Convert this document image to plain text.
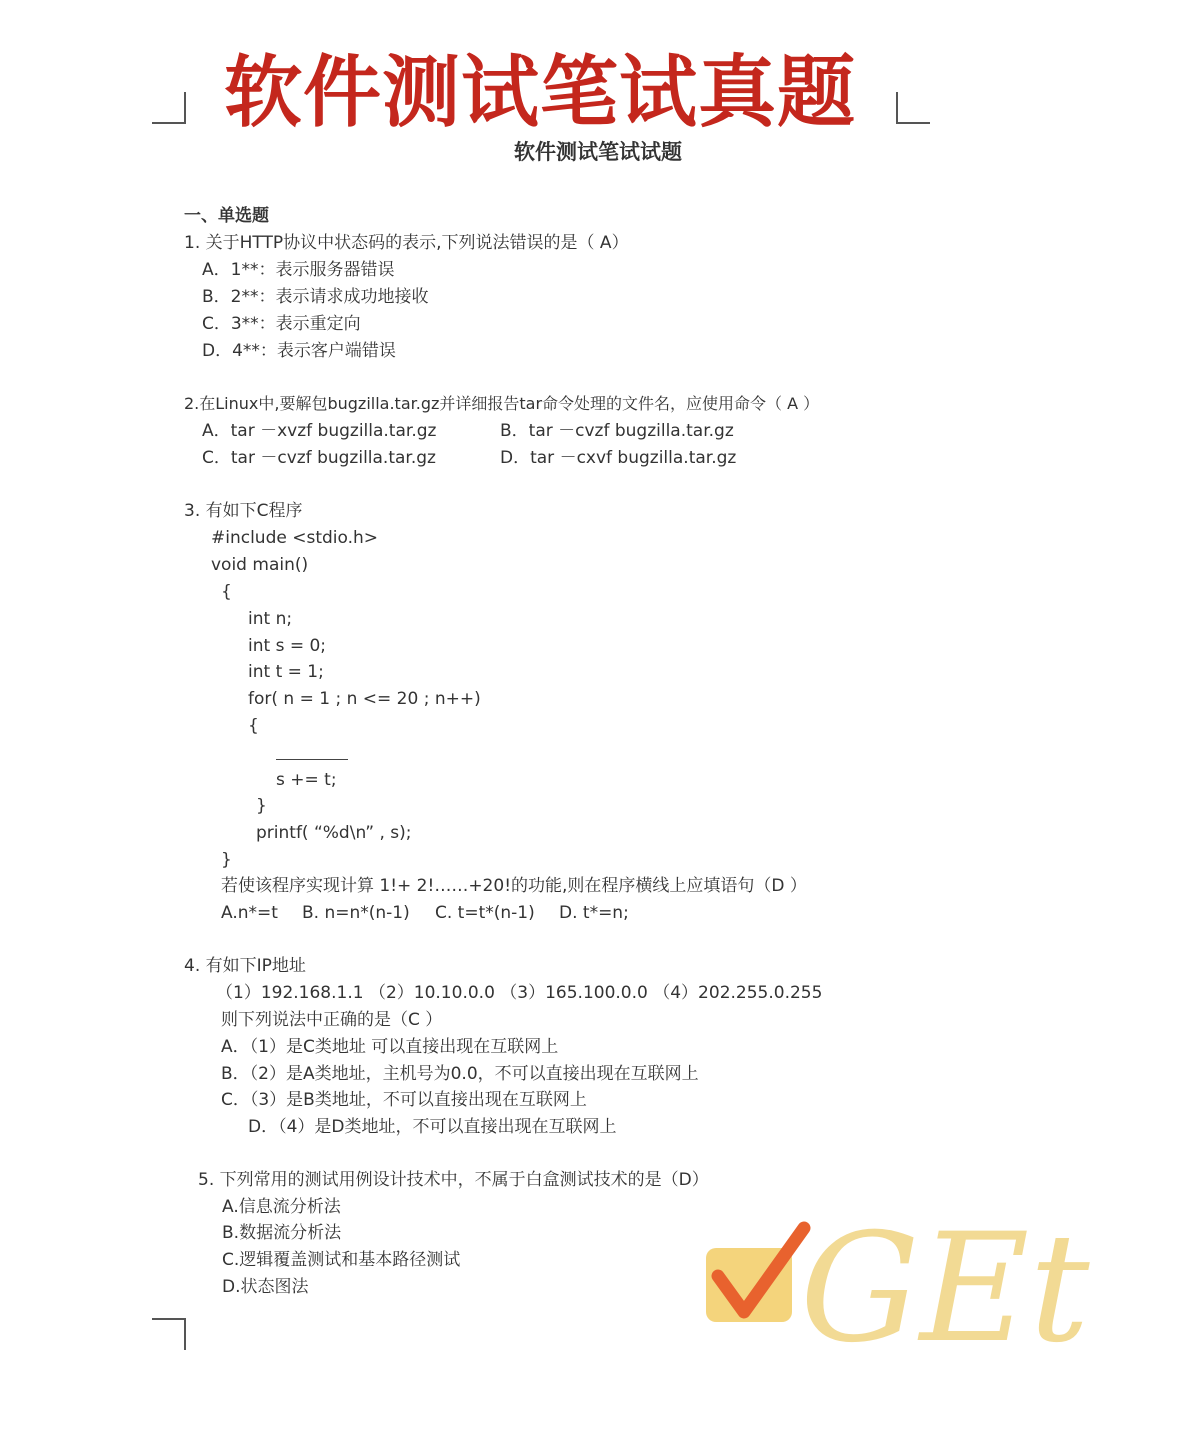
软件测试笔试真题
软件测试笔试试题
一、单选题
1. 关于HTTP协议中状态码的表示,下列说法错误的是（ A）
A．1**：表示服务器错误
B．2**：表示请求成功地接收
C．3**：表示重定向
D．4**：表示客户端错误
2.在Linux中,要解包bugzilla.tar.gz并详细报告tar命令处理的文件名，应使用命令（ A ）
A．tar －xvzf bugzilla.tar.gz	B．tar －cvzf bugzilla.tar.gz
C．tar －cvzf bugzilla.tar.gz	D．tar －cxvf bugzilla.tar.gz
3. 有如下C程序
#include <stdio.h>
void main()
{
int n;
int s = 0;
int t = 1;
for( n = 1 ; n <= 20 ; n++)
{
s += t;
}
printf( “%d\n” , s);
}
若使该程序实现计算 1!+ 2!……+20!的功能,则在程序横线上应填语句（D ）
A.n*=t B. n=n*(n-1) C. t=t*(n-1) D. t*=n;
4. 有如下IP地址
（1）192.168.1.1 （2）10.10.0.0 （3）165.100.0.0 （4）202.255.0.255
则下列说法中正确的是（C ）
A．（1）是C类地址 可以直接出现在互联网上
B．（2）是A类地址，主机号为0.0，不可以直接出现在互联网上
C．（3）是B类地址，不可以直接出现在互联网上
D．（4）是D类地址，不可以直接出现在互联网上
5. 下列常用的测试用例设计技术中，不属于白盒测试技术的是（D）
A.信息流分析法
B.数据流分析法
C.逻辑覆盖测试和基本路径测试
D.状态图法	GEt
